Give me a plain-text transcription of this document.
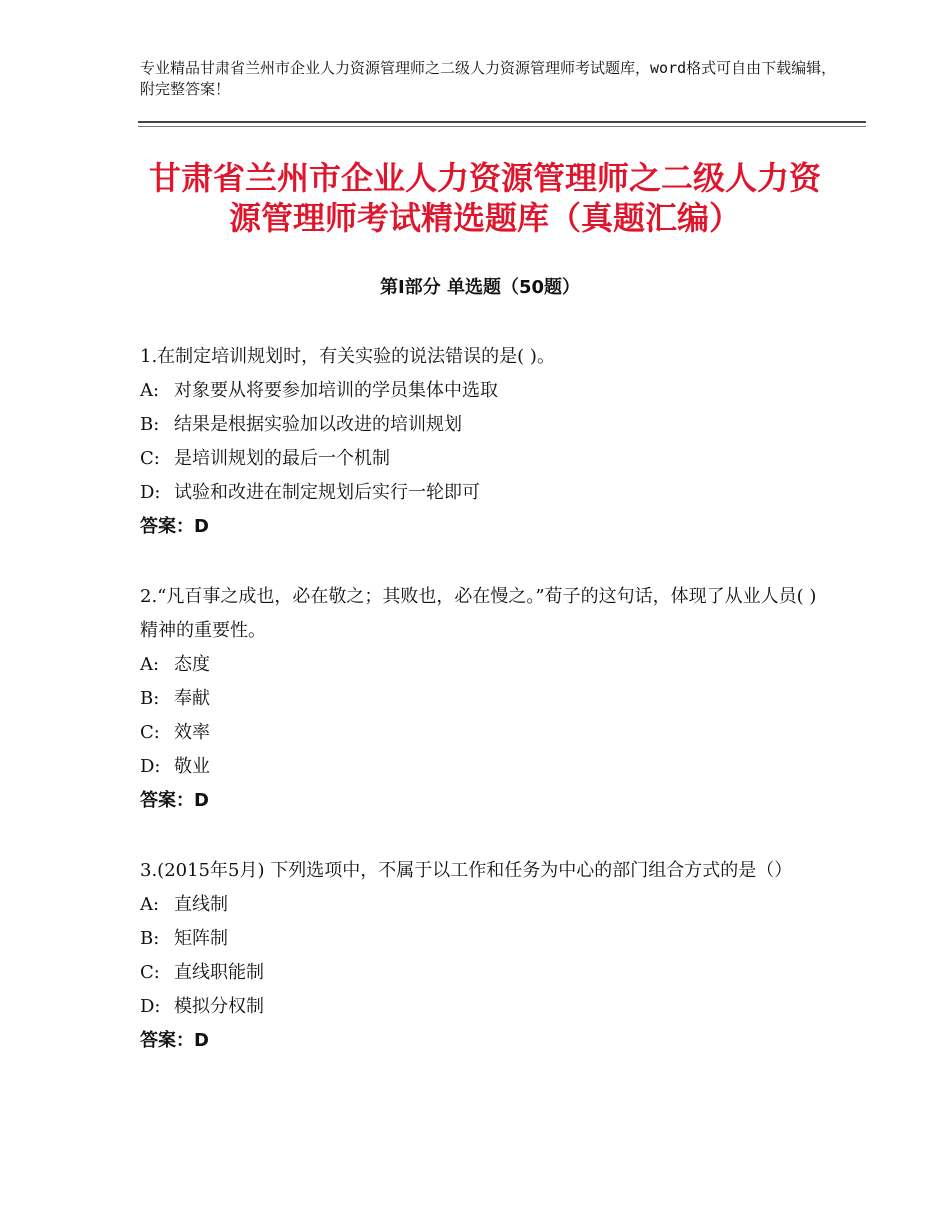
专业精品甘肃省兰州市企业人力资源管理师之二级人力资源管理师考试题库，word格式可自由下载编辑，附完整答案！
甘肃省兰州市企业人力资源管理师之二级人力资源管理师考试精选题库（真题汇编）
第Ⅰ部分 单选题（50题）

1.在制定培训规划时，有关实验的说法错误的是( )。

A: 对象要从将要参加培训的学员集体中选取
B: 结果是根据实验加以改进的培训规划
C: 是培训规划的最后一个机制
D: 试验和改进在制定规划后实行一轮即可

答案：D

2.“凡百事之成也，必在敬之；其败也，必在慢之。”荀子的这句话，体现了从业人员( )精神的重要性。

A: 态度
B: 奉献
C: 效率
D: 敬业

答案：D

3.(2015年5月) 下列选项中，不属于以工作和任务为中心的部门组合方式的是（）

A: 直线制
B: 矩阵制
C: 直线职能制
D: 模拟分权制

答案：D
